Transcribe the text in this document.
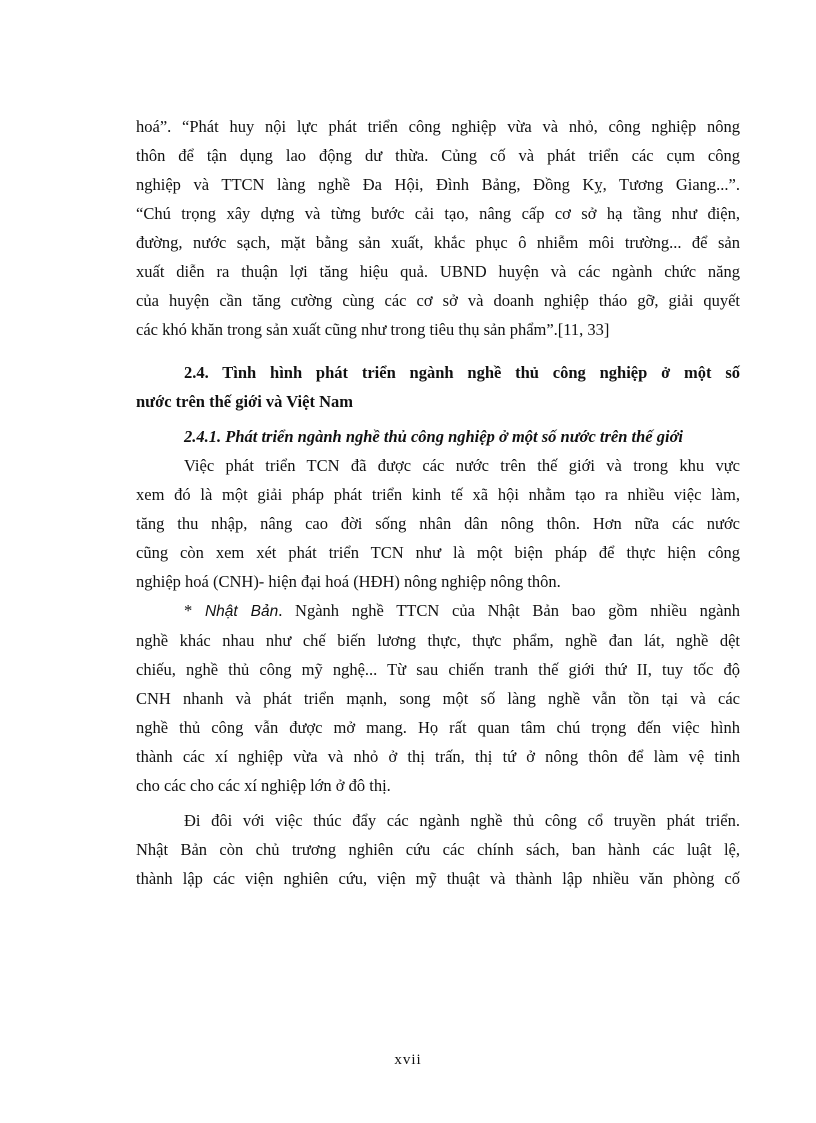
hoá”. “Phát huy nội lực phát triển công nghiệp vừa và nhỏ, công nghiệp nông
thôn để tận dụng lao động dư thừa. Củng cố và phát triển các cụm công
nghiệp và TTCN làng nghề Đa Hội, Đình Bảng, Đồng Kỵ, Tương Giang...”.
“Chú trọng xây dựng và từng bước cải tạo, nâng cấp cơ sở hạ tầng như điện,
đường, nước sạch, mặt bằng sản xuất, khắc phục ô nhiễm môi trường... để sản
xuất diễn ra thuận lợi tăng hiệu quả. UBND huyện và các ngành chức năng
của huyện cần tăng cường cùng các cơ sở và doanh nghiệp tháo gỡ, giải quyết
các khó khăn trong sản xuất cũng như trong tiêu thụ sản phẩm”.[11, 33]
2.4. Tình hình phát triển ngành nghề thủ công nghiệp ở một số
nước trên thế giới và Việt Nam
2.4.1. Phát triển ngành nghề thủ công nghiệp ở một số nước trên thế giới
Việc phát triển TCN đã được các nước trên thế giới và trong khu vực
xem đó là một giải pháp phát triển kinh tế xã hội nhằm tạo ra nhiều việc làm,
tăng thu nhập, nâng cao đời sống nhân dân nông thôn. Hơn nữa các nước
cũng còn xem xét phát triển TCN như là một biện pháp để thực hiện công
nghiệp hoá (CNH)- hiện đại hoá (HĐH) nông nghiệp nông thôn.
* Nhật Bản. Ngành nghề TTCN của Nhật Bản bao gồm nhiều ngành
nghề khác nhau như chế biến lương thực, thực phẩm, nghề đan lát, nghề dệt
chiếu, nghề thủ công mỹ nghệ... Từ sau chiến tranh thế giới thứ II, tuy tốc độ
CNH nhanh và phát triển mạnh, song một số làng nghề vẫn tồn tại và các
nghề thủ công vẫn được mở mang. Họ rất quan tâm chú trọng đến việc hình
thành các xí nghiệp vừa và nhỏ ở thị trấn, thị tứ ở nông thôn để làm vệ tinh
cho các cho các xí nghiệp lớn ở đô thị.
Đi đôi với việc thúc đẩy các ngành nghề thủ công cổ truyền phát triển.
Nhật Bản còn chủ trương nghiên cứu các chính sách, ban hành các luật lệ,
thành lập các viện nghiên cứu, viện mỹ thuật và thành lập nhiều văn phòng cố
xvii
